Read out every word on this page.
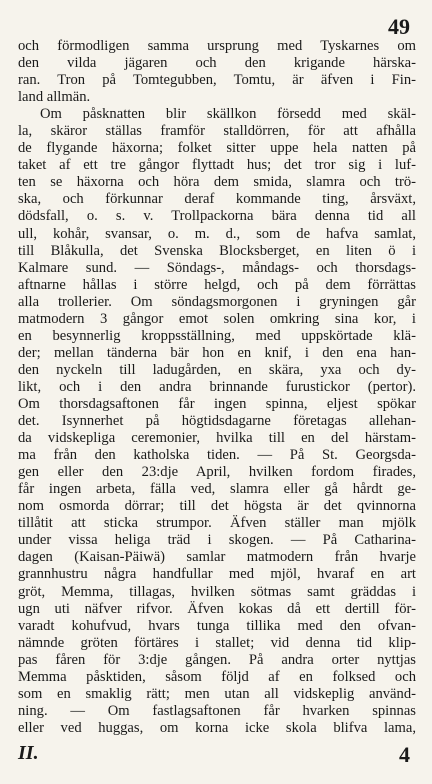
49
och förmodligen samma ursprung med Tyskarnes om
den vilda jägaren och den krigande härska-
ran. Tron på Tomtegubben, Tomtu, är äfven i Fin-
land allmän.
Om påsknatten blir skällkon försedd med skäl-
la, skäror ställas framför stalldörren, för att afhålla
de flygande häxorna; folket sitter uppe hela natten på
taket af ett tre gångor flyttadt hus; det tror sig i luf-
ten se häxorna och höra dem smida, slamra och trö-
ska, och förkunnar deraf kommande ting, årsväxt,
dödsfall, o. s. v. Trollpackorna bära denna tid all
ull, kohår, svansar, o. m. d., som de hafva samlat,
till Blåkulla, det Svenska Blocksberget, en liten ö i
Kalmare sund. — Söndags-, måndags- och thorsdags-
aftnarne hållas i större helgd, och på dem förrättas
alla trollerier. Om söndagsmorgonen i gryningen går
matmodern 3 gångor emot solen omkring sina kor, i
en besynnerlig kroppsställning, med uppskörtade klä-
der; mellan tänderna bär hon en knif, i den ena han-
den nyckeln till ladugården, en skära, yxa och dy-
likt, och i den andra brinnande furustickor (pertor).
Om thorsdagsaftonen får ingen spinna, eljest spökar
det. Isynnerhet på högtidsdagarne företagas allehan-
da vidskepliga ceremonier, hvilka till en del härstam-
ma från den katholska tiden. — På St. Georgsda-
gen eller den 23:dje April, hvilken fordom firades,
får ingen arbeta, fälla ved, slamra eller gå hårdt ge-
nom osmorda dörrar; till det högsta är det qvinnorna
tillåtit att sticka strumpor. Äfven ställer man mjölk
under vissa heliga träd i skogen. — På Catharina-
dagen (Kaisan-Päiwä) samlar matmodern från hvarje
grannhustru några handfullar med mjöl, hvaraf en art
gröt, Memma, tillagas, hvilken sötmas samt gräddas i
ugn uti näfver rifvor. Äfven kokas då ett dertill för-
varadt kohufvud, hvars tunga tillika med den ofvan-
nämnde gröten förtäres i stallet; vid denna tid klip-
pas fåren för 3:dje gången. På andra orter nyttjas
Memma påsktiden, såsom följd af en folksed och
som en smaklig rätt; men utan all vidskeplig använd-
ning. — Om fastlagsaftonen får hvarken spinnas
eller ved huggas, om korna icke skola blifva lama,
II.	4
